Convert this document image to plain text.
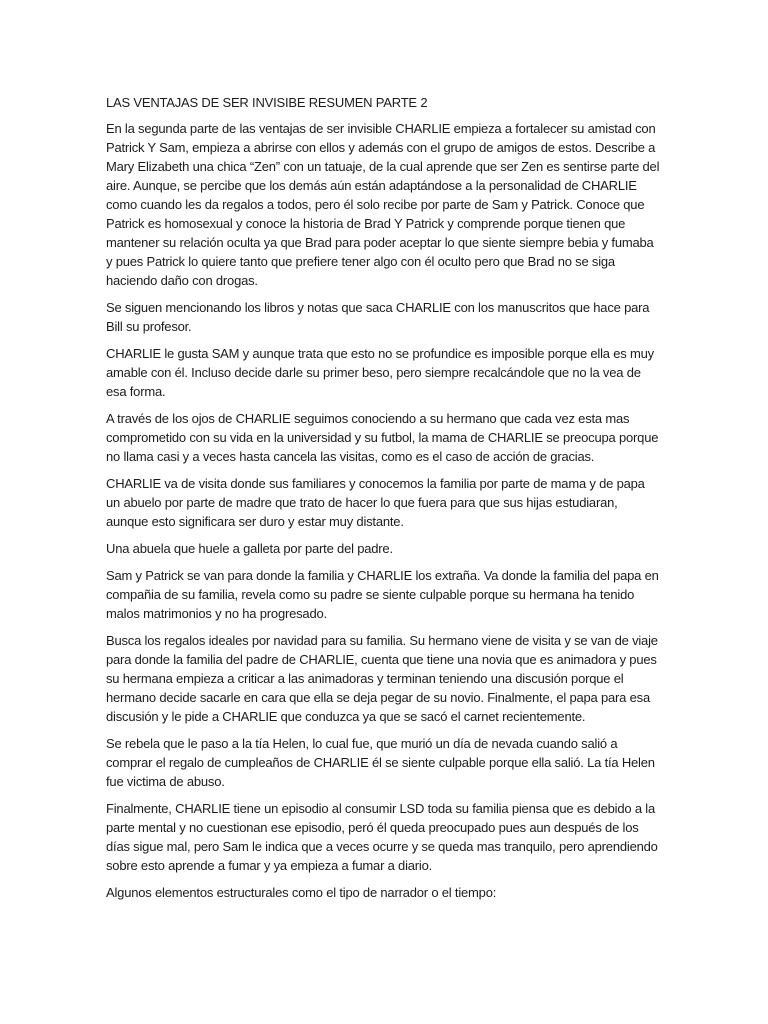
LAS VENTAJAS DE SER INVISIBE RESUMEN PARTE 2

En la segunda parte de las ventajas de ser invisible CHARLIE empieza a fortalecer su amistad con Patrick Y Sam, empieza a abrirse con ellos y además con el grupo de amigos de estos. Describe a Mary Elizabeth una chica “Zen” con un tatuaje, de la cual aprende que ser Zen es sentirse parte del aire. Aunque, se percibe que los demás aún están adaptándose a la personalidad de CHARLIE como cuando les da regalos a todos, pero él solo recibe por parte de Sam y Patrick. Conoce que Patrick es homosexual y conoce la historia de Brad Y Patrick y comprende porque tienen que mantener su relación oculta ya que Brad para poder aceptar lo que siente siempre bebia y fumaba y pues Patrick lo quiere tanto que prefiere tener algo con él oculto pero que Brad no se siga haciendo daño con drogas.

Se siguen mencionando los libros y notas que saca CHARLIE con los manuscritos que hace para Bill su profesor.

CHARLIE le gusta SAM y aunque trata que esto no se profundice es imposible porque ella es muy amable con él. Incluso decide darle su primer beso, pero siempre recalcándole que no la vea de esa forma.

A través de los ojos de CHARLIE seguimos conociendo a su hermano que cada vez esta mas comprometido con su vida en la universidad y su futbol, la mama de CHARLIE se preocupa porque no llama casi y a veces hasta cancela las visitas, como es el caso de acción de gracias.

CHARLIE va de visita donde sus familiares y conocemos la familia por parte de mama y de papa un abuelo por parte de madre que trato de hacer lo que fuera para que sus hijas estudiaran, aunque esto significara ser duro y estar muy distante.

Una abuela que huele a galleta por parte del padre.

Sam y Patrick se van para donde la familia y CHARLIE los extraña. Va donde la familia del papa en compañia de su familia, revela como su padre se siente culpable porque su hermana ha tenido malos matrimonios y no ha progresado.

Busca los regalos ideales por navidad para su familia. Su hermano viene de visita y se van de viaje para donde la familia del padre de CHARLIE, cuenta que tiene una novia que es animadora y pues su hermana empieza a criticar a las animadoras y terminan teniendo una discusión porque el hermano decide sacarle en cara que ella se deja pegar de su novio. Finalmente, el papa para esa discusión y le pide a CHARLIE que conduzca ya que se sacó el carnet recientemente.

Se rebela que le paso a la tía Helen, lo cual fue, que murió un día de nevada cuando salió a comprar el regalo de cumpleaños de CHARLIE él se siente culpable porque ella salió. La tía Helen fue victima de abuso.

Finalmente, CHARLIE tiene un episodio al consumir LSD toda su familia piensa que es debido a la parte mental y no cuestionan ese episodio, peró él queda preocupado pues aun después de los días sigue mal, pero Sam le indica que a veces ocurre y se queda mas tranquilo, pero aprendiendo sobre esto aprende a fumar y ya empieza a fumar a diario.

Algunos elementos estructurales como el tipo de narrador o el tiempo:
